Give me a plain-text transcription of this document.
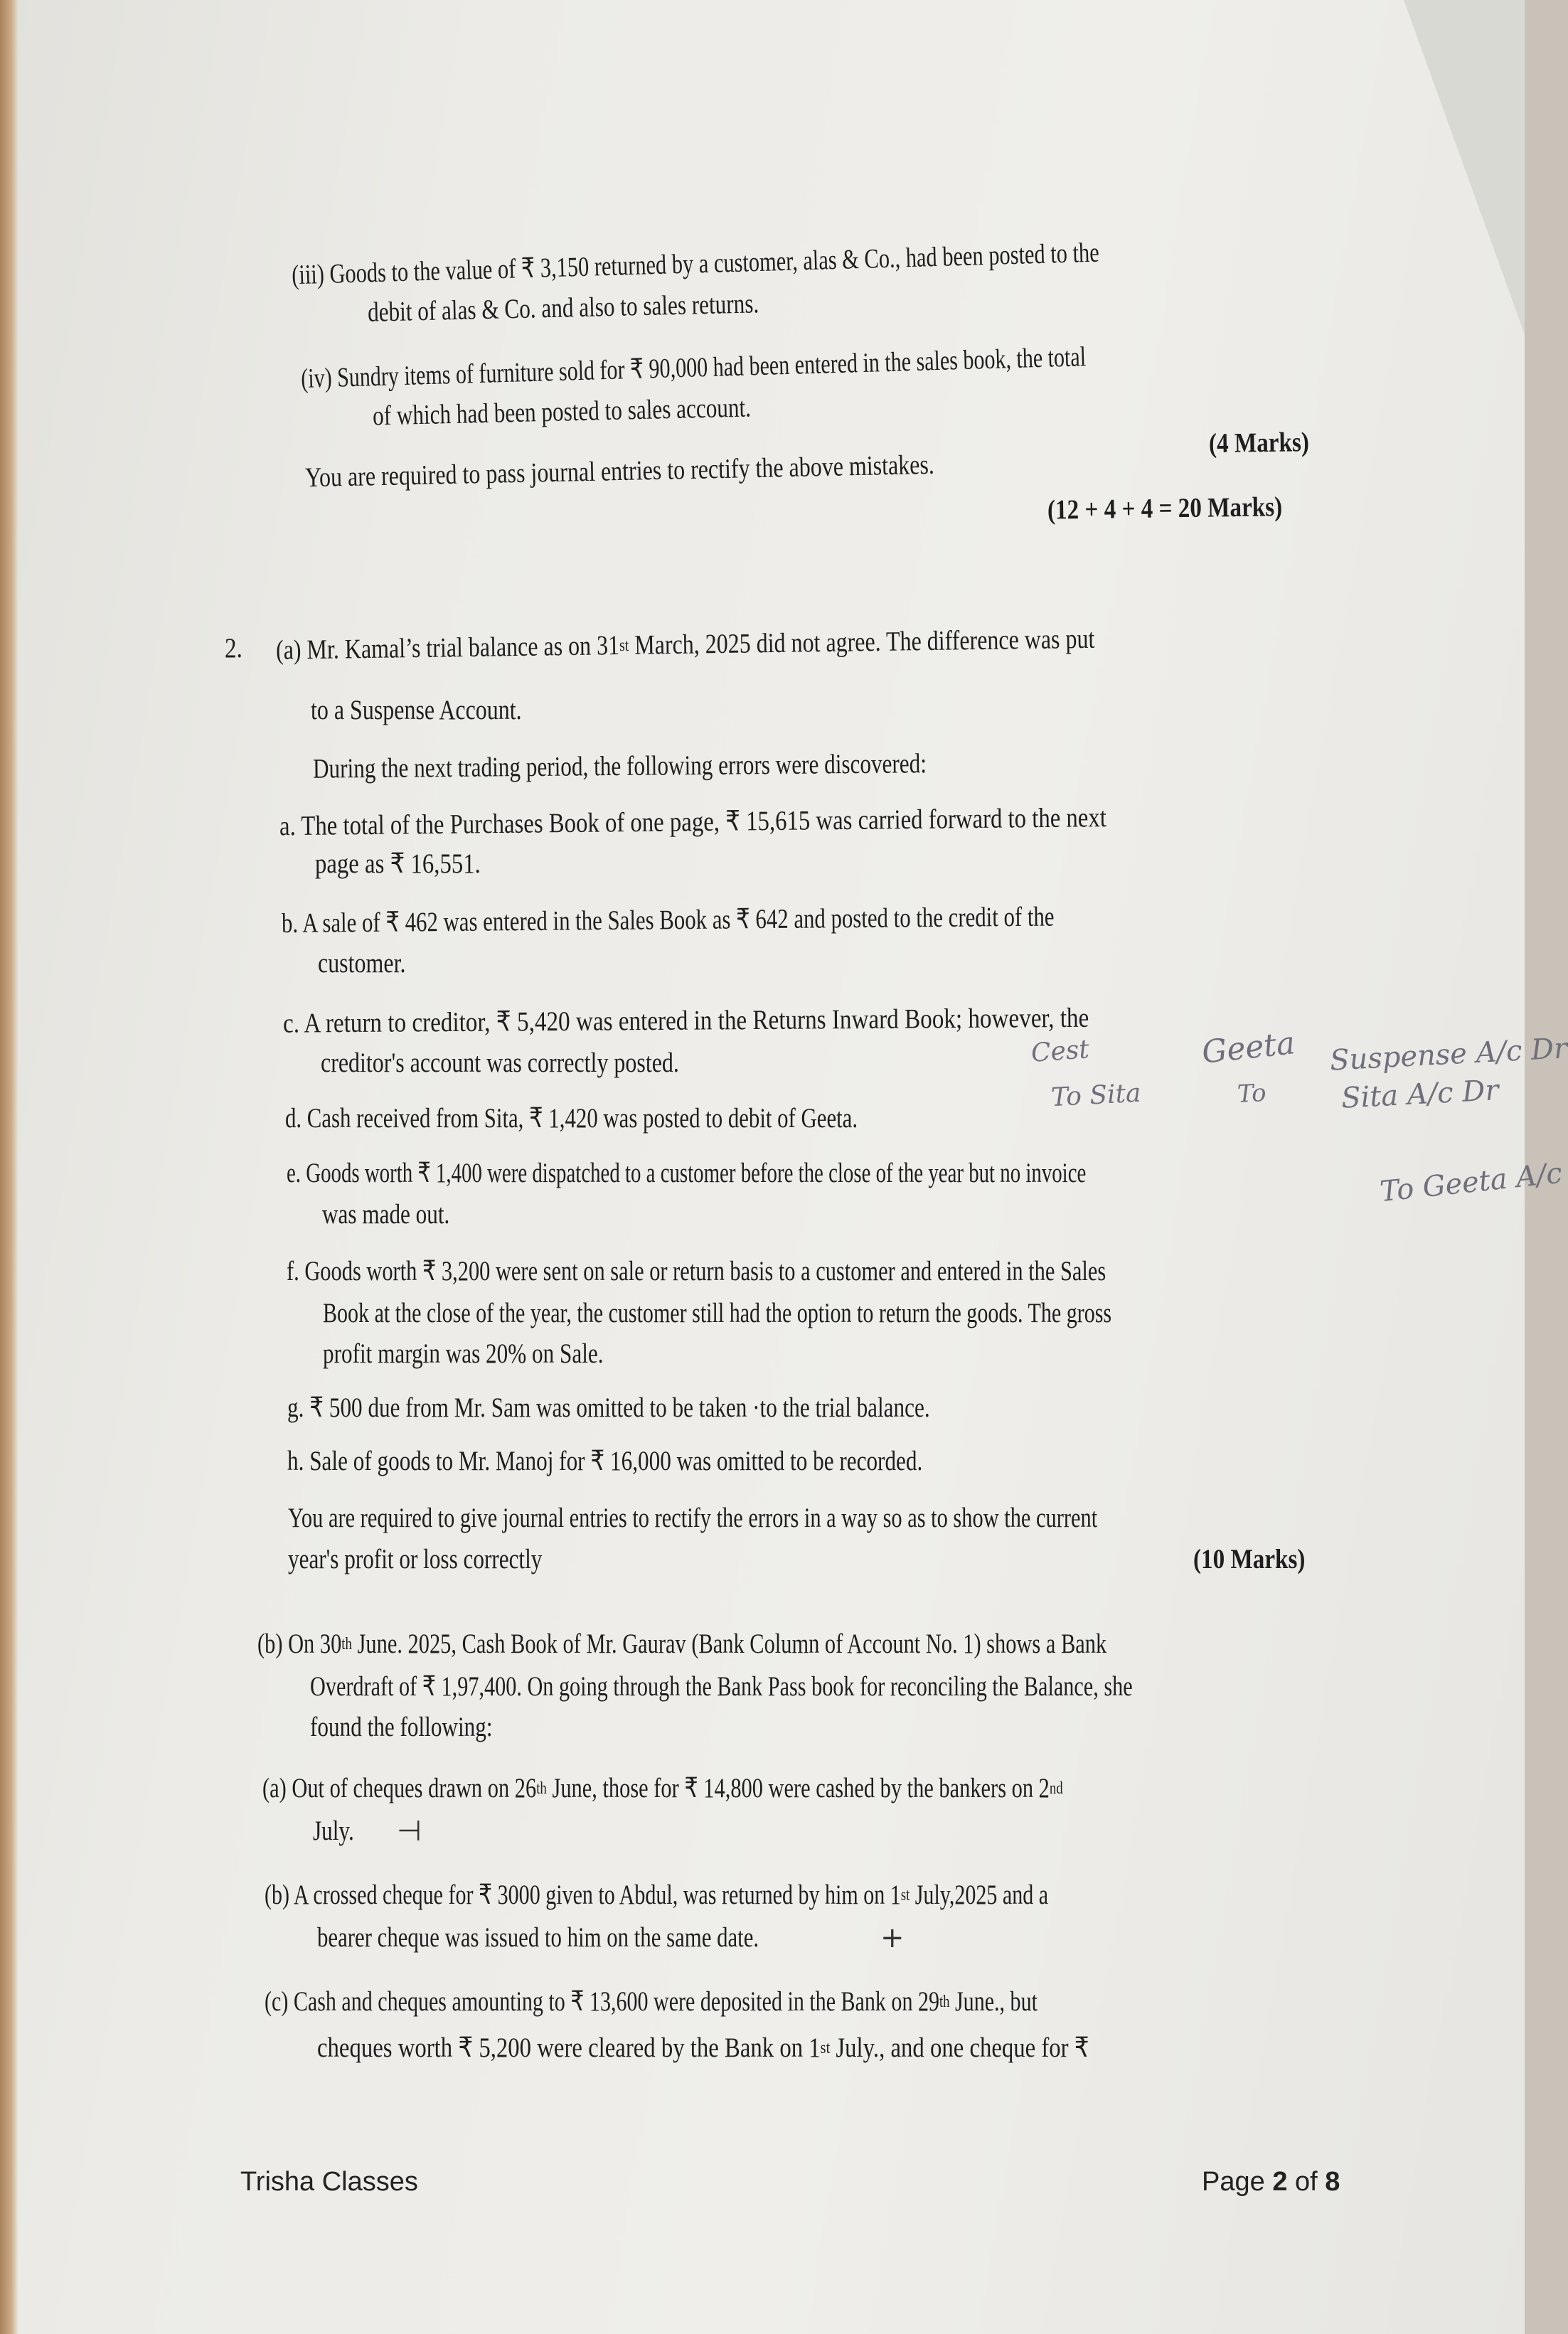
(iii) Goods to the value of ₹ 3,150 returned by a customer, alas & Co., had been posted to the
debit of alas & Co. and also to sales returns.
(iv) Sundry items of furniture sold for ₹ 90,000 had been entered in the sales book, the total
of which had been posted to sales account.
You are required to pass journal entries to rectify the above mistakes.
(4 Marks)
(12 + 4 + 4 = 20 Marks)
2. (a) Mr. Kamal’s trial balance as on 31st March, 2025 did not agree. The difference was put
to a Suspense Account.
During the next trading period, the following errors were discovered:
a. The total of the Purchases Book of one page, ₹ 15,615 was carried forward to the next
page as ₹ 16,551.
b. A sale of ₹ 462 was entered in the Sales Book as ₹ 642 and posted to the credit of the
customer.
c. A return to creditor, ₹ 5,420 was entered in the Returns Inward Book; however, the
creditor's account was correctly posted.
d. Cash received from Sita, ₹ 1,420 was posted to debit of Geeta.
e. Goods worth ₹ 1,400 were dispatched to a customer before the close of the year but no invoice
was made out.
f. Goods worth ₹ 3,200 were sent on sale or return basis to a customer and entered in the Sales
Book at the close of the year, the customer still had the option to return the goods. The gross
profit margin was 20% on Sale.
g. ₹ 500 due from Mr. Sam was omitted to be taken ·to the trial balance.
h. Sale of goods to Mr. Manoj for ₹ 16,000 was omitted to be recorded.
You are required to give journal entries to rectify the errors in a way so as to show the current
year's profit or loss correctly	(10 Marks)
(b) On 30th June. 2025, Cash Book of Mr. Gaurav (Bank Column of Account No. 1) shows a Bank
Overdraft of ₹ 1,97,400. On going through the Bank Pass book for reconciling the Balance, she
found the following:
(a) Out of cheques drawn on 26th June, those for ₹ 14,800 were cashed by the bankers on 2nd
July.
(b) A crossed cheque for ₹ 3000 given to Abdul, was returned by him on 1st July,2025 and a
bearer cheque was issued to him on the same date.
(c) Cash and cheques amounting to ₹ 13,600 were deposited in the Bank on 29th June., but
cheques worth ₹ 5,200 were cleared by the Bank on 1st July., and one cheque for ₹
Cest	Geeta Suspense A/c Dr
To Sita	To	Sita A/c Dr
To Geeta A/c
⊣
+
Trisha Classes	Page 2 of 8
